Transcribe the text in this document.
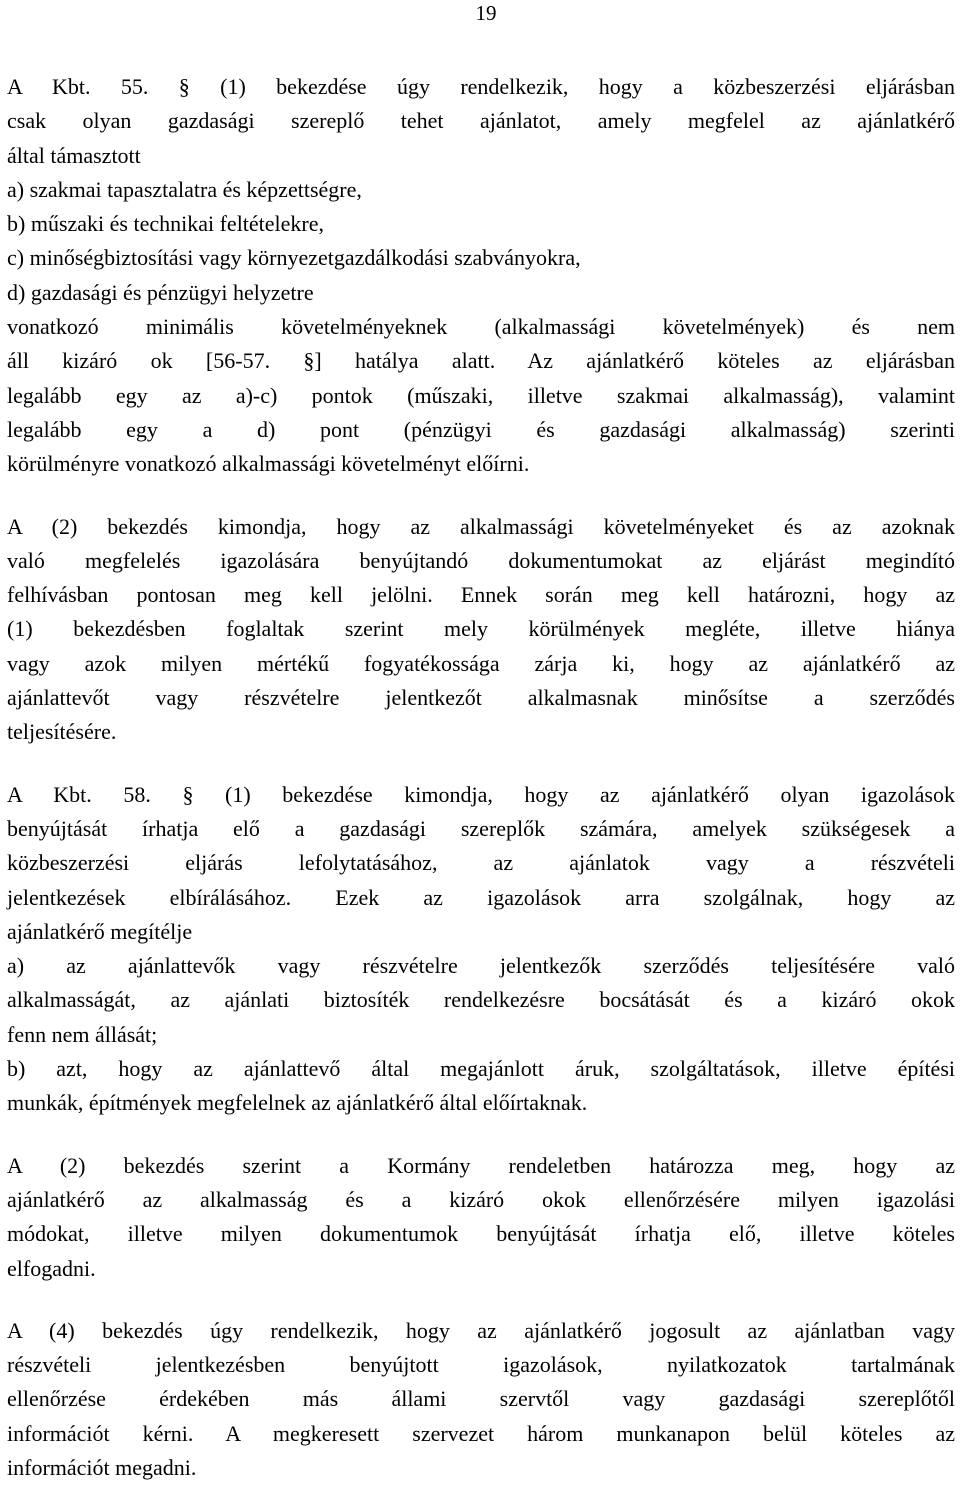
19
A Kbt. 55. § (1) bekezdése úgy rendelkezik, hogy a közbeszerzési eljárásban
csak olyan gazdasági szereplő tehet ajánlatot, amely megfelel az ajánlatkérő
által támasztott
a) szakmai tapasztalatra és képzettségre,
b) műszaki és technikai feltételekre,
c) minőségbiztosítási vagy környezetgazdálkodási szabványokra,
d) gazdasági és pénzügyi helyzetre
vonatkozó minimális követelményeknek (alkalmassági követelmények) és nem
áll kizáró ok [56-57. §] hatálya alatt. Az ajánlatkérő köteles az eljárásban
legalább egy az a)-c) pontok (műszaki, illetve szakmai alkalmasság), valamint
legalább egy a d) pont (pénzügyi és gazdasági alkalmasság) szerinti
körülményre vonatkozó alkalmassági követelményt előírni.
A (2) bekezdés kimondja, hogy az alkalmassági követelményeket és az azoknak
való megfelelés igazolására benyújtandó dokumentumokat az eljárást megindító
felhívásban pontosan meg kell jelölni. Ennek során meg kell határozni, hogy az
(1) bekezdésben foglaltak szerint mely körülmények megléte, illetve hiánya
vagy azok milyen mértékű fogyatékossága zárja ki, hogy az ajánlatkérő az
ajánlattevőt vagy részvételre jelentkezőt alkalmasnak minősítse a szerződés
teljesítésére.
A Kbt. 58. § (1) bekezdése kimondja, hogy az ajánlatkérő olyan igazolások
benyújtását írhatja elő a gazdasági szereplők számára, amelyek szükségesek a
közbeszerzési eljárás lefolytatásához, az ajánlatok vagy a részvételi
jelentkezések elbírálásához. Ezek az igazolások arra szolgálnak, hogy az
ajánlatkérő megítélje
a) az ajánlattevők vagy részvételre jelentkezők szerződés teljesítésére való
alkalmasságát, az ajánlati biztosíték rendelkezésre bocsátását és a kizáró okok
fenn nem állását;
b) azt, hogy az ajánlattevő által megajánlott áruk, szolgáltatások, illetve építési
munkák, építmények megfelelnek az ajánlatkérő által előírtaknak.
A (2) bekezdés szerint a Kormány rendeletben határozza meg, hogy az
ajánlatkérő az alkalmasság és a kizáró okok ellenőrzésére milyen igazolási
módokat, illetve milyen dokumentumok benyújtását írhatja elő, illetve köteles
elfogadni.
A (4) bekezdés úgy rendelkezik, hogy az ajánlatkérő jogosult az ajánlatban vagy
részvételi jelentkezésben benyújtott igazolások, nyilatkozatok tartalmának
ellenőrzése érdekében más állami szervtől vagy gazdasági szereplőtől
információt kérni. A megkeresett szervezet három munkanapon belül köteles az
információt megadni.
